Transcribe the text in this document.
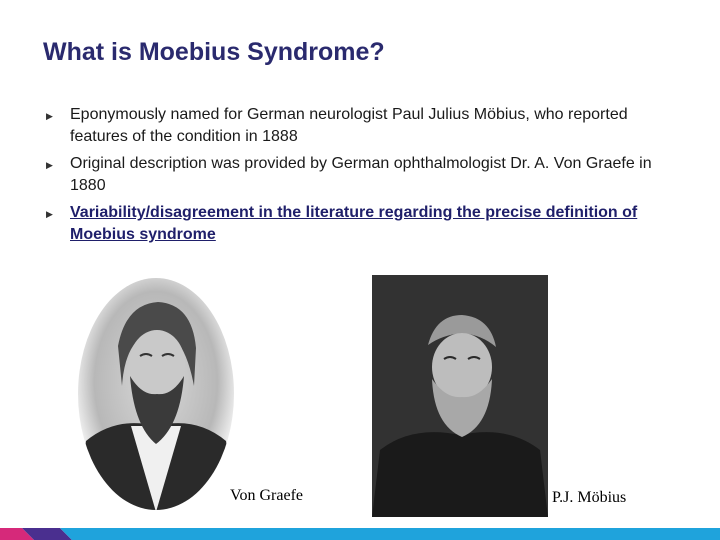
What is Moebius Syndrome?
▶ Eponymously named for German neurologist Paul Julius Möbius, who reported features of the condition in 1888
▶ Original description was provided by German ophthalmologist Dr. A. Von Graefe in 1880
▶ Variability/disagreement in the literature regarding the precise definition of Moebius syndrome
Von Graefe	P.J. Möbius
